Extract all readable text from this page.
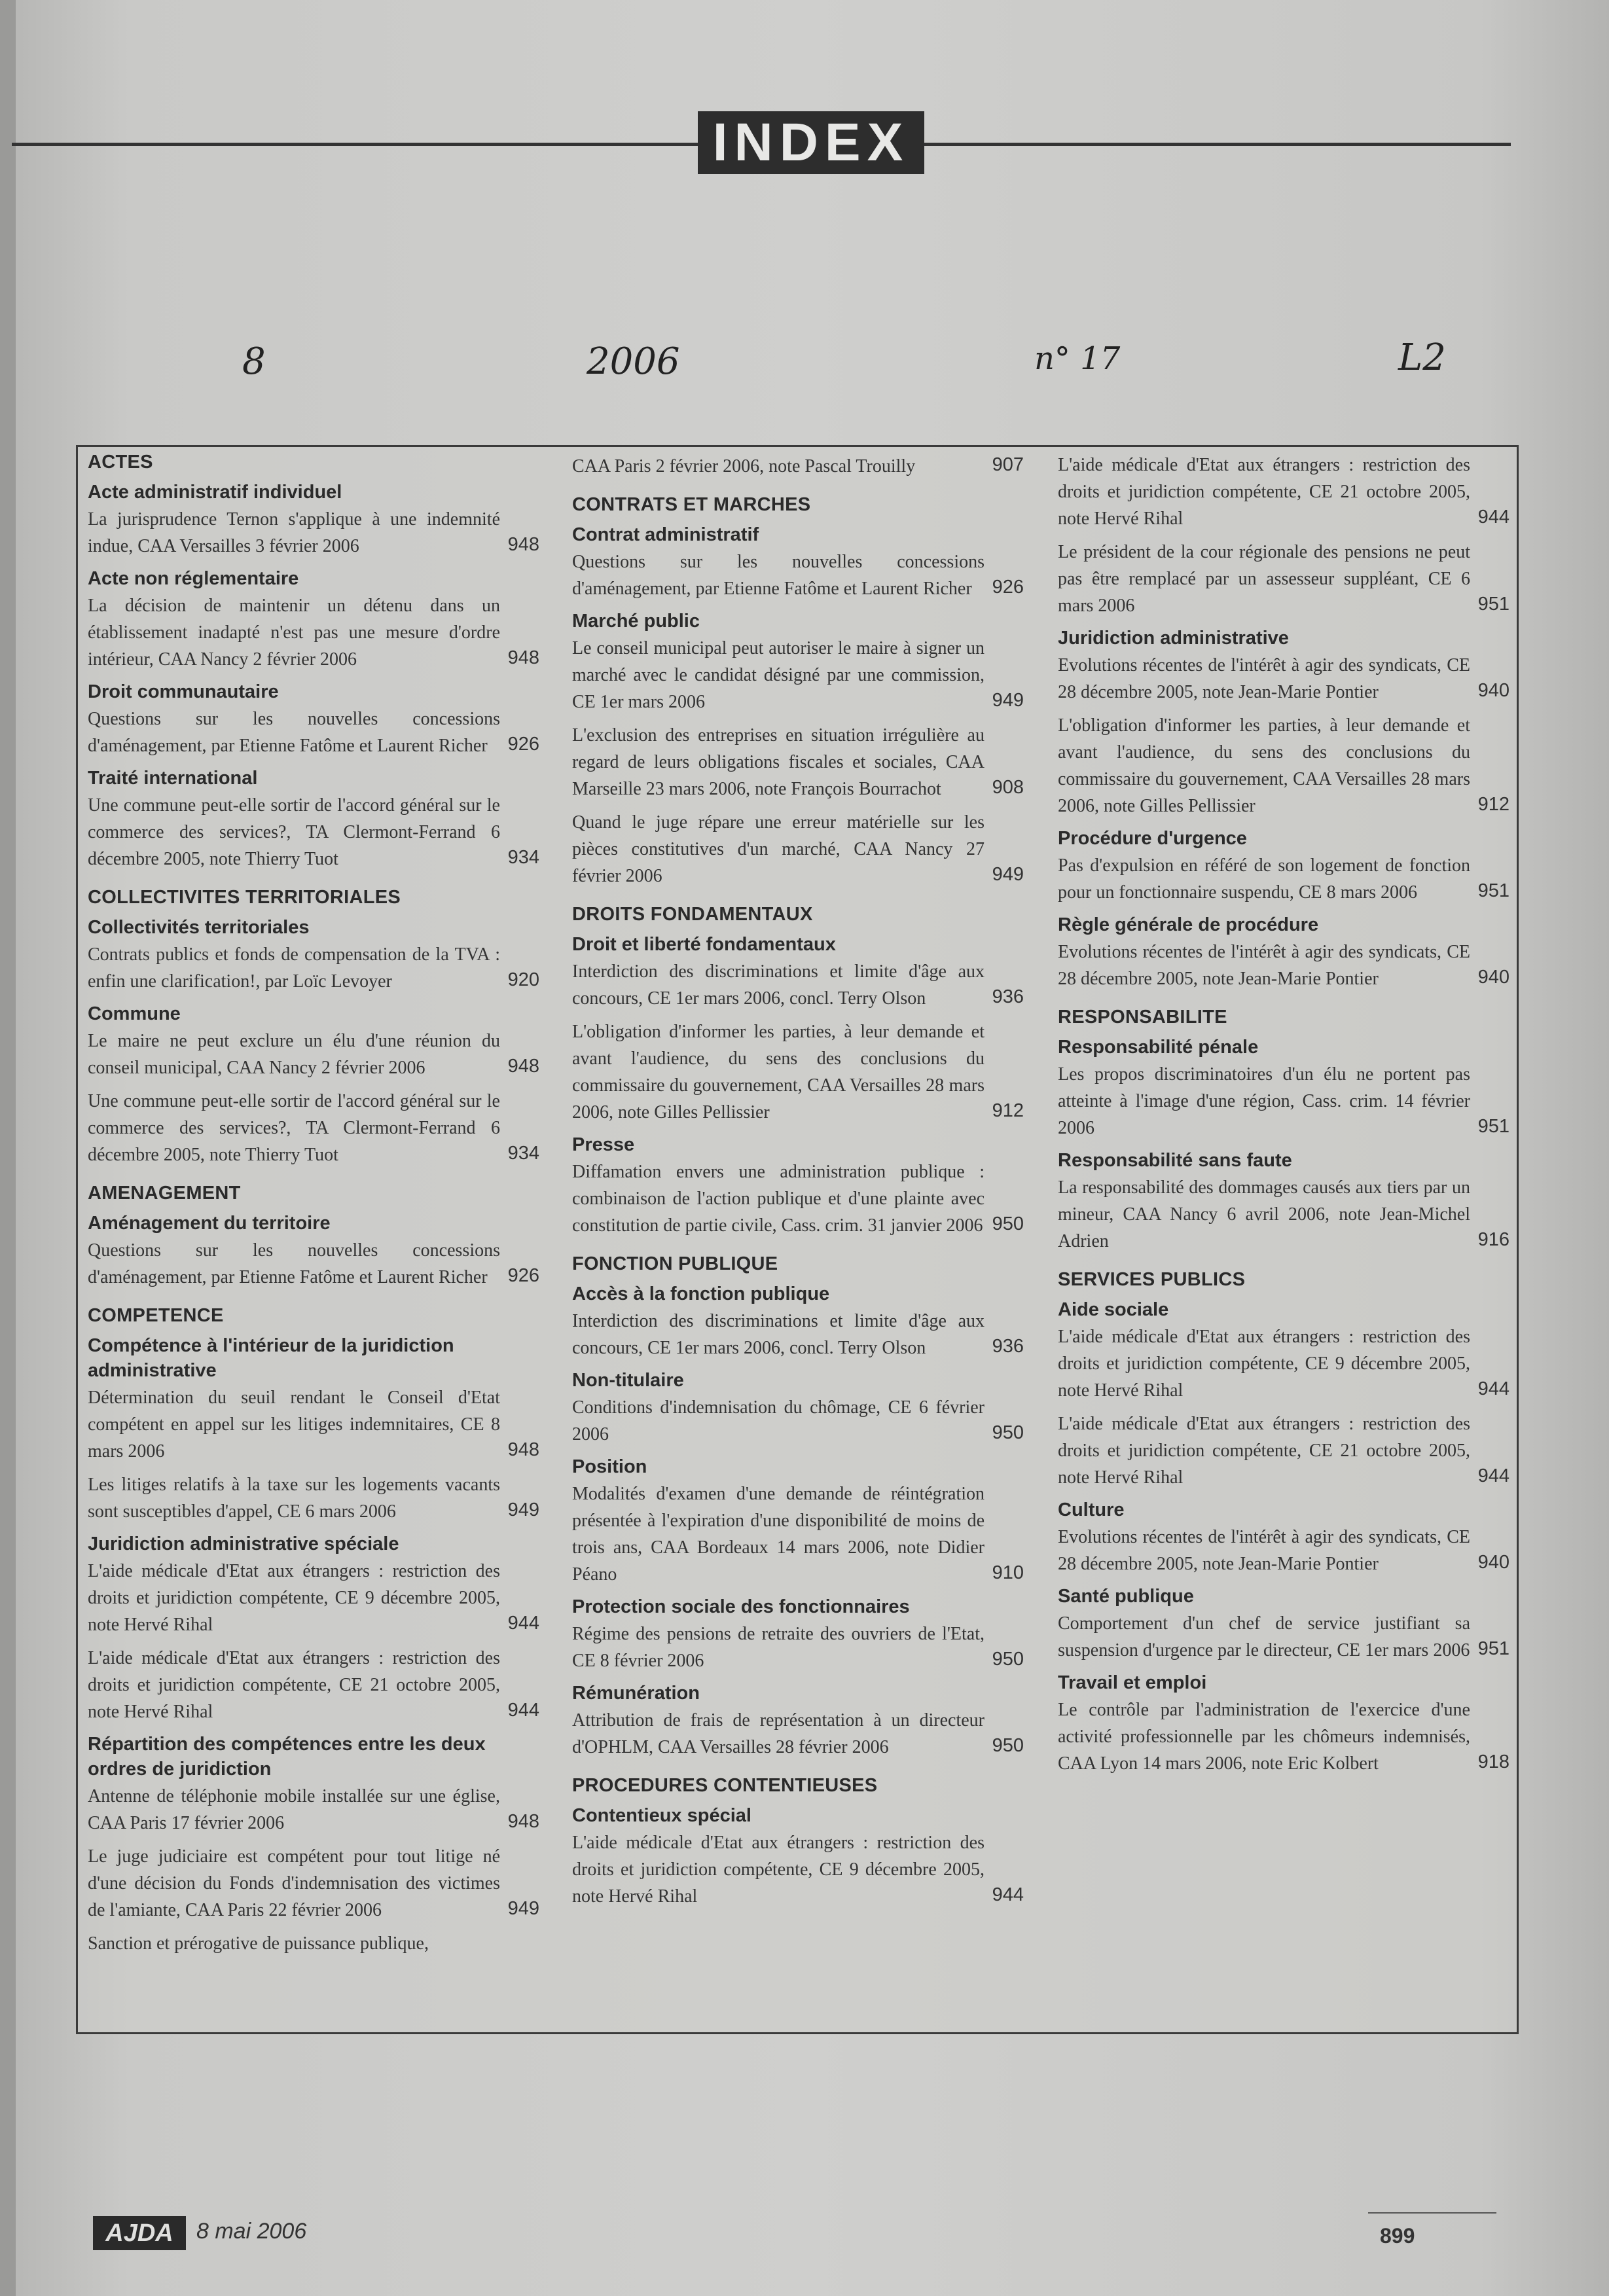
INDEX
8	2006	n° 17	L2
ACTES
Acte administratif individuel
La jurisprudence Ternon s'applique à une indemnité indue, CAA Versailles 3 février 2006	948
Acte non réglementaire
La décision de maintenir un détenu dans un établissement inadapté n'est pas une mesure d'ordre intérieur, CAA Nancy 2 février 2006	948
Droit communautaire
Questions sur les nouvelles concessions d'aménagement, par Etienne Fatôme et Laurent Richer	926
Traité international
Une commune peut-elle sortir de l'accord général sur le commerce des services?, TA Clermont-Ferrand 6 décembre 2005, note Thierry Tuot	934
COLLECTIVITES TERRITORIALES
Collectivités territoriales
Contrats publics et fonds de compensation de la TVA : enfin une clarification!, par Loïc Levoyer	920
Commune
Le maire ne peut exclure un élu d'une réunion du conseil municipal, CAA Nancy 2 février 2006	948
Une commune peut-elle sortir de l'accord général sur le commerce des services?, TA Clermont-Ferrand 6 décembre 2005, note Thierry Tuot	934
AMENAGEMENT
Aménagement du territoire
Questions sur les nouvelles concessions d'aménagement, par Etienne Fatôme et Laurent Richer	926
COMPETENCE
Compétence à l'intérieur de la juridiction administrative
Détermination du seuil rendant le Conseil d'Etat compétent en appel sur les litiges indemnitaires, CE 8 mars 2006	948
Les litiges relatifs à la taxe sur les logements vacants sont susceptibles d'appel, CE 6 mars 2006	949
Juridiction administrative spéciale
L'aide médicale d'Etat aux étrangers : restriction des droits et juridiction compétente, CE 9 décembre 2005, note Hervé Rihal	944
L'aide médicale d'Etat aux étrangers : restriction des droits et juridiction compétente, CE 21 octobre 2005, note Hervé Rihal	944
Répartition des compétences entre les deux ordres de juridiction
Antenne de téléphonie mobile installée sur une église, CAA Paris 17 février 2006	948
Le juge judiciaire est compétent pour tout litige né d'une décision du Fonds d'indemnisation des victimes de l'amiante, CAA Paris 22 février 2006	949
Sanction et prérogative de puissance publique,
CAA Paris 2 février 2006, note Pascal Trouilly	907
CONTRATS ET MARCHES
Contrat administratif
Questions sur les nouvelles concessions d'aménagement, par Etienne Fatôme et Laurent Richer	926
Marché public
Le conseil municipal peut autoriser le maire à signer un marché avec le candidat désigné par une commission, CE 1er mars 2006	949
L'exclusion des entreprises en situation irrégulière au regard de leurs obligations fiscales et sociales, CAA Marseille 23 mars 2006, note François Bourrachot	908
Quand le juge répare une erreur matérielle sur les pièces constitutives d'un marché, CAA Nancy 27 février 2006	949
DROITS FONDAMENTAUX
Droit et liberté fondamentaux
Interdiction des discriminations et limite d'âge aux concours, CE 1er mars 2006, concl. Terry Olson	936
L'obligation d'informer les parties, à leur demande et avant l'audience, du sens des conclusions du commissaire du gouvernement, CAA Versailles 28 mars 2006, note Gilles Pellissier	912
Presse
Diffamation envers une administration publique : combinaison de l'action publique et d'une plainte avec constitution de partie civile, Cass. crim. 31 janvier 2006 950
FONCTION PUBLIQUE
Accès à la fonction publique
Interdiction des discriminations et limite d'âge aux concours, CE 1er mars 2006, concl. Terry Olson	936
Non-titulaire
Conditions d'indemnisation du chômage, CE 6 février 2006	950
Position
Modalités d'examen d'une demande de réintégration présentée à l'expiration d'une disponibilité de moins de trois ans, CAA Bordeaux 14 mars 2006, note Didier Péano	910
Protection sociale des fonctionnaires
Régime des pensions de retraite des ouvriers de l'Etat, CE 8 février 2006	950
Rémunération
Attribution de frais de représentation à un directeur d'OPHLM, CAA Versailles 28 février 2006	950
PROCEDURES CONTENTIEUSES
Contentieux spécial
L'aide médicale d'Etat aux étrangers : restriction des droits et juridiction compétente, CE 9 décembre 2005, note Hervé Rihal	944
L'aide médicale d'Etat aux étrangers : restriction des droits et juridiction compétente, CE 21 octobre 2005, note Hervé Rihal	944
Le président de la cour régionale des pensions ne peut pas être remplacé par un assesseur suppléant, CE 6 mars 2006	951
Juridiction administrative
Evolutions récentes de l'intérêt à agir des syndicats, CE 28 décembre 2005, note Jean-Marie Pontier	940
L'obligation d'informer les parties, à leur demande et avant l'audience, du sens des conclusions du commissaire du gouvernement, CAA Versailles 28 mars 2006, note Gilles Pellissier	912
Procédure d'urgence
Pas d'expulsion en référé de son logement de fonction pour un fonctionnaire suspendu, CE 8 mars 2006	951
Règle générale de procédure
Evolutions récentes de l'intérêt à agir des syndicats, CE 28 décembre 2005, note Jean-Marie Pontier	940
RESPONSABILITE
Responsabilité pénale
Les propos discriminatoires d'un élu ne portent pas atteinte à l'image d'une région, Cass. crim. 14 février 2006	951
Responsabilité sans faute
La responsabilité des dommages causés aux tiers par un mineur, CAA Nancy 6 avril 2006, note Jean-Michel Adrien	916
SERVICES PUBLICS
Aide sociale
L'aide médicale d'Etat aux étrangers : restriction des droits et juridiction compétente, CE 9 décembre 2005, note Hervé Rihal	944
L'aide médicale d'Etat aux étrangers : restriction des droits et juridiction compétente, CE 21 octobre 2005, note Hervé Rihal	944
Culture
Evolutions récentes de l'intérêt à agir des syndicats, CE 28 décembre 2005, note Jean-Marie Pontier	940
Santé publique
Comportement d'un chef de service justifiant sa suspension d'urgence par le directeur, CE 1er mars 2006 951
Travail et emploi
Le contrôle par l'administration de l'exercice d'une activité professionnelle par les chômeurs indemnisés, CAA Lyon 14 mars 2006, note Eric Kolbert	918
AJDA	8 mai 2006	899
